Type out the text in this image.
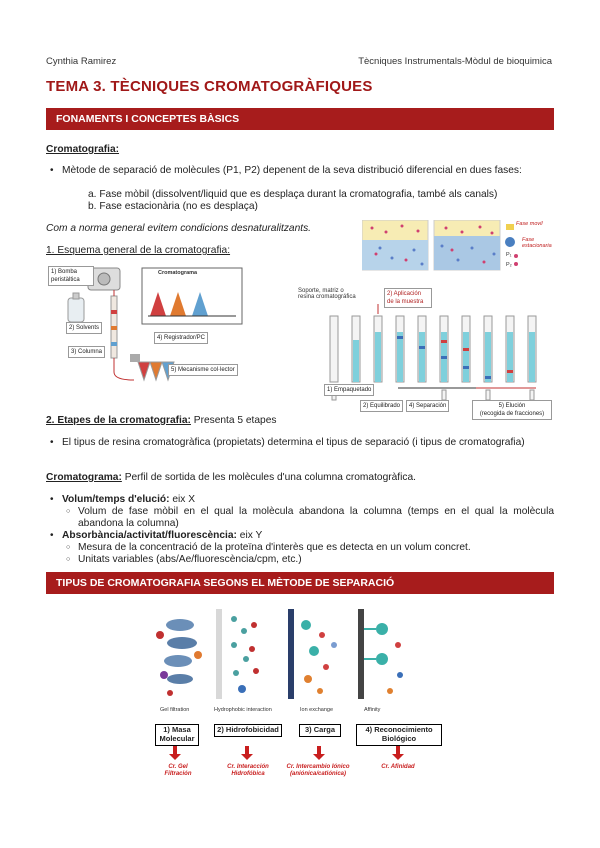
Cynthia Ramirez	Tècniques Instrumentals-Mòdul de bioquimica
TEMA 3. TÈCNIQUES CROMATOGRÀFIQUES
FONAMENTS I CONCEPTES BÀSICS
Cromatografia:
• Mètode de separació de molècules (P1, P2) depenent de la seva distribució diferencial en dues fases:
a. Fase mòbil (dissolvent/liquid que es desplaça durant la cromatografia, també als canals)
b. Fase estacionària (no es desplaça)
Com a norma general evitem condicions desnaturalitzants.
1. Esquema general de la cromatografia:
1) Bomba peristàltica
Cromatograma
2) Solvents
4) Registrador/PC
3) Columna
5) Mecanisme col·lector
Fase movil
Fase estacionaria
P₁
P₂
Soporte, matriz o resina cromatográfica	2) Aplicación de la muestra
1) Empaquetado
2) Equilibrado	4) Separación	5) Elución
(recogida de fracciones)
2. Etapes de la cromatografia: Presenta 5 etapes
• El tipus de resina cromatogràfica (propietats) determina el tipus de separació (i tipus de cromatografia)
Cromatograma: Perfil de sortida de les molècules d'una columna cromatogràfica.
• Volum/temps d'elució: eix X
○ Volum de fase mòbil en el qual la molècula abandona la columna (temps en el qual la molècula abandona la columna)
• Absorbància/activitat/fluorescència: eix Y
○ Mesura de la concentració de la proteïna d'interès que es detecta en un volum concret.
○ Unitats variables (abs/Ae/fluorescència/cpm, etc.)
TIPUS DE CROMATOGRAFIA SEGONS EL MÈTODE DE SEPARACIÓ
Gel filtration	Hydrophobic interaction	Ion exchange	Affinity
1) Masa Molecular
2) Hidrofobicidad	3) Carga	4) Reconocimiento Biológico
Cr. Gel Filtración
Cr. Interacción Hidrofóbica
Cr. Intercambio Iónico (aniónica/catiónica)
Cr. Afinidad
